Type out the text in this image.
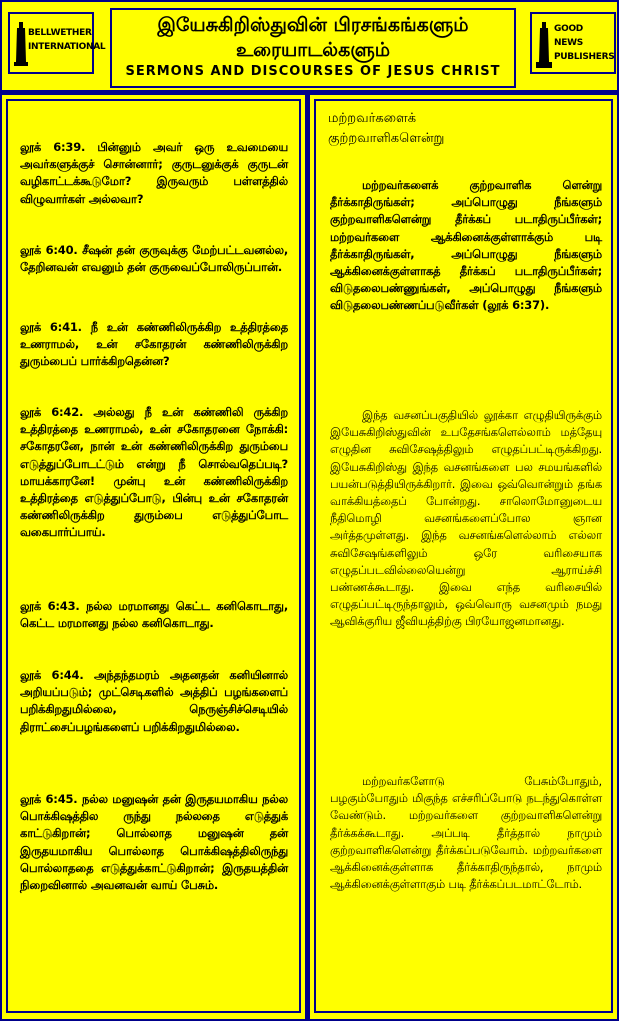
BELLWETHER
INTERNATIONAL
இயேசுகிறிஸ்துவின் பிரசங்கங்களும்
உரையாடல்களும்
SERMONS AND DISCOURSES OF JESUS CHRIST
GOOD NEWS
PUBLISHERS
லூக் 6:39. பின்னும் அவர் ஒரு உவமையை அவர்களுக்குச் சொன்னார்; குருடனுக்குக் குருடன் வழிகாட்டக்கூடுமோ? இருவரும் பள்ளத்தில் விழுவார்கள் அல்லவா?
லூக் 6:40. சீஷன் தன் குருவுக்கு மேற்பட்டவனல்ல, தேறினவன் எவனும் தன் குருவைப்போலிருப்பான்.
லூக் 6:41. நீ உன் கண்ணிலிருக்கிற உத்திரத்தை உணராமல், உன் சகோதரன் கண்ணிலிருக்கிற துரும்பைப் பார்க்கிறதென்ன?
லூக் 6:42. அல்லது நீ உன் கண்ணிலி ருக்கிற உத்திரத்தை உணராமல், உன் சகோதரனை நோக்கி: சகோதரனே, நான் உன் கண்ணிலிருக்கிற துரும்பை எடுத்துப்போடட்டும் என்று நீ சொல்வதெப்படி? மாயக்காரனே! முன்பு உன் கண்ணிலிருக்கிற உத்திரத்தை எடுத்துப்போடு, பின்பு உன் சகோதரன் கண்ணிலிருக்கிற துரும்பை எடுத்துப்போட வகைபார்ப்பாய்.
லூக் 6:43. நல்ல மரமானது கெட்ட கனிகொடாது, கெட்ட மரமானது நல்ல கனிகொடாது.
லூக் 6:44. அந்தந்தமரம் அதனதன் கனியினால் அறியப்படும்; முட்செடிகளில் அத்திப் பழங்களைப் பறிக்கிறதுமில்லை, நெருஞ்சிச்செடியில் திராட்சைப்பழங்களைப் பறிக்கிறதுமில்லை.
லூக் 6:45. நல்ல மனுஷன் தன் இருதயமாகிய நல்ல பொக்கிஷத்தில ருந்து நல்லதை எடுத்துக் காட்டுகிறான்; பொல்லாத மனுஷன் தன் இருதயமாகிய பொல்லாத பொக்கிஷத்திலிருந்து பொல்லாததை எடுத்துக்காட்டுகிறான்; இருதயத்தின் நிறைவினால் அவனவன் வாய் பேசும்.
மற்றவர்களைக்
குற்றவாளிகளென்று
மற்றவர்களைக் குற்றவாளிக ளென்று தீர்க்காதிருங்கள்; அப்பொழுது நீங்களும் குற்றவாளிகளென்று தீர்க்கப் படாதிருப்பீர்கள்; மற்றவர்களை ஆக்கினைக்குள்ளாக்கும் படி தீர்க்காதிருங்கள், அப்பொழுது நீங்களும் ஆக்கினைக்குள்ளாகத் தீர்க்கப் படாதிருப்பீர்கள்; விடுதலைபண்ணுங்கள், அப்பொழுது நீங்களும் விடுதலைபண்ணப்படுவீர்கள் (லூக் 6:37).
இந்த வசனப்பகுதியில் லூக்கா எழுதியிருக்கும் இயேசுகிறிஸ்துவின் உபதேசங்களெல்லாம் மத்தேயு எழுதின சுவிசேஷத்திலும் எழுதப்பட்டிருக்கிறது. இயேசுகிறிஸ்து இந்த வசனங்களை பல சமயங்களில் பயன்படுத்தியிருக்கிறார். இவை ஒவ்வொன்றும் தங்க வாக்கியத்தைப் போன்றது. சாலொமோனுடைய நீதிமொழி வசனங்களைப்போல ஞான அர்த்தமுள்ளது. இந்த வசனங்களெல்லாம் எல்லா சுவிசேஷங்களிலும் ஒரே வரிசையாக எழுதப்படவில்லையென்று ஆராய்ச்சி பண்ணக்கூடாது. இவை எந்த வரிசையில் எழுதப்பட்டிருந்தாலும், ஒவ்வொரு வசனமும் நமது ஆவிக்குரிய ஜீவியத்திற்கு பிரயோஜனமானது.
மற்றவர்களோடு பேசும்போதும், பழகும்போதும் மிகுந்த எச்சரிப்போடு நடந்துகொள்ள வேண்டும். மற்றவர்களை குற்றவாளிகளென்று தீர்க்கக்கூடாது. அப்படி தீர்த்தால் நாமும் குற்றவாளிகளென்று தீர்க்கப்படுவோம். மற்றவர்களை ஆக்கினைக்குள்ளாக தீர்க்காதிருந்தால், நாமும் ஆக்கினைக்குள்ளாகும் படி தீர்க்கப்படமாட்டோம்.
